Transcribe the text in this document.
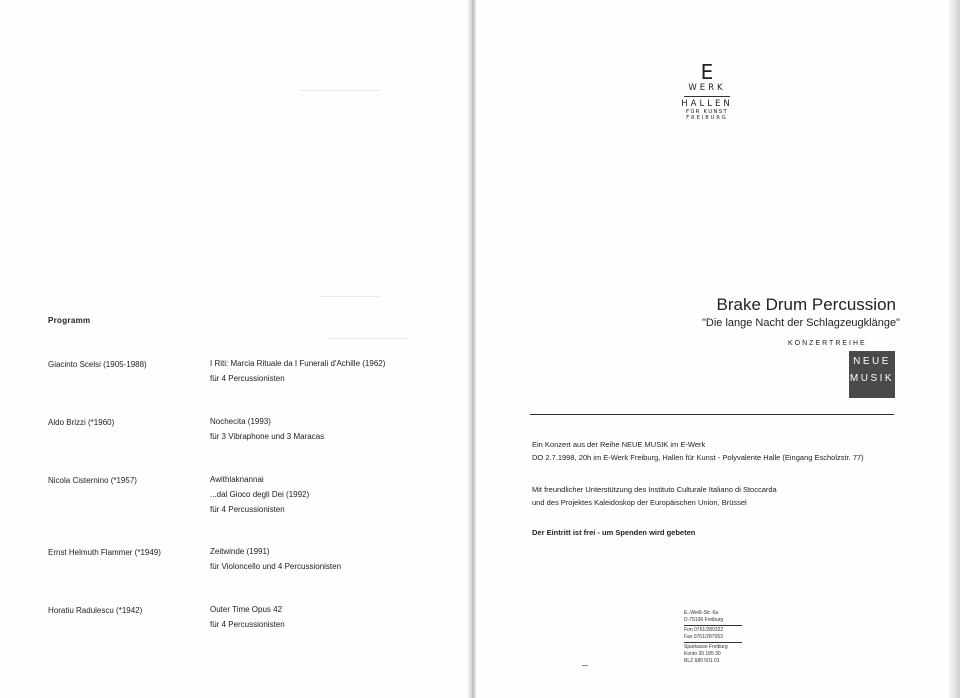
Programm
Giacinto Scelsi (1905-1988)	I Riti: Marcia Rituale da I Funerali d'Achille (1962)
für 4 Percussionisten
Aldo Brizzi (*1960)	Nochecita (1993)
für 3 Vibraphone und 3 Maracas
Nicola Cisternino (*1957)	Awithlaknannai
...dal Gioco degli Dei (1992)
für 4 Percussionisten
Ernst Helmuth Flammer (*1949)	Zeitwinde (1991)
für Violoncello und 4 Percussionisten
Horatiu Radulescu (*1942)	Outer Time Opus 42
für 4 Percussionisten
E
WERK
HALLEN
FÜR KUNST
FREIBURG
Brake Drum Percussion
"Die lange Nacht der Schlagzeugklänge"
KONZERTREIHE
NEUE
MUSIK
Ein Konzert aus der Reihe NEUE MUSIK im E-Werk
DO 2.7.1998, 20h im E-Werk Freiburg, Hallen für Kunst - Polyvalente Halle (Eingang Escholzstr. 77)
Mit freundlicher Unterstützung des Instituto Culturale Italiano di Stoccarda
und des Projektes Kaleidoskop der Europäischen Union, Brüssel
Der Eintritt ist frei - um Spenden wird gebeten
E.-Weiß-Str. 6a
D-79106 Freiburg
Fon 0761/280322
Fax 0761/287053
Sparkasse Freiburg
Konto 20 185 30
BLZ 680 501 01
